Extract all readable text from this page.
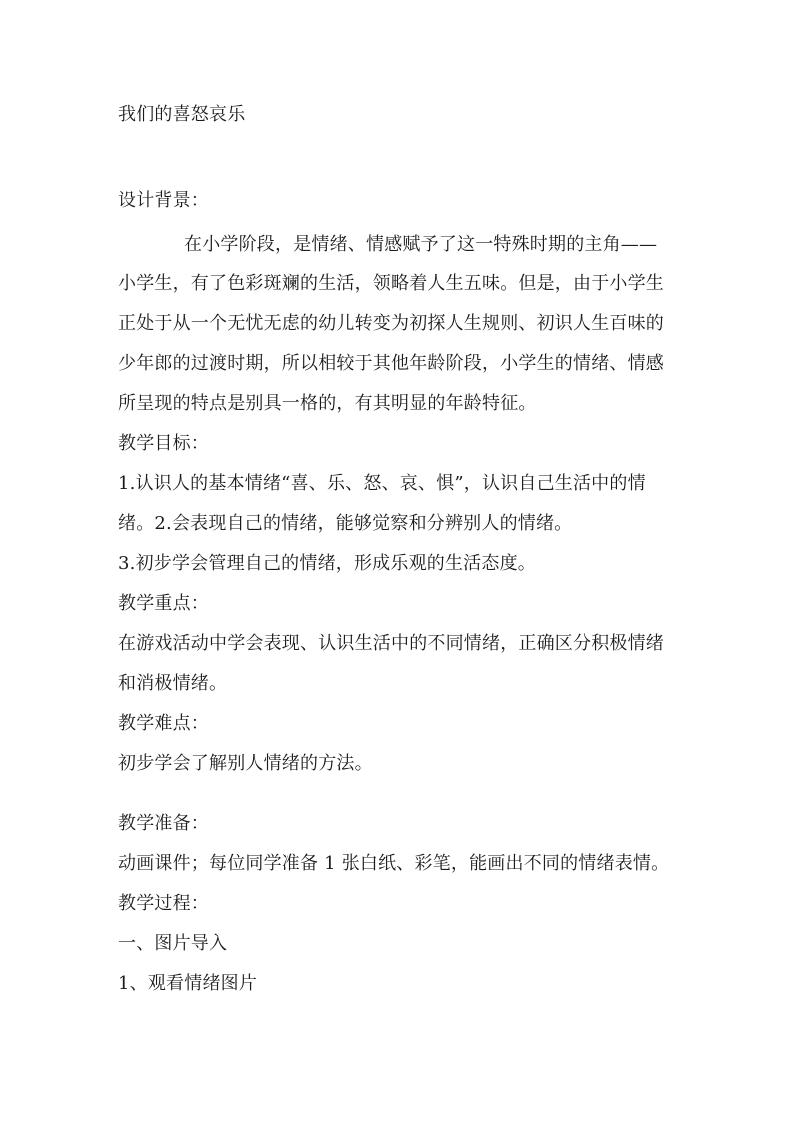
我们的喜怒哀乐
设计背景：
在小学阶段，是情绪、情感赋予了这一特殊时期的主角——
小学生，有了色彩斑斓的生活，领略着人生五味。但是，由于小学生
正处于从一个无忧无虑的幼儿转变为初探人生规则、初识人生百味的
少年郎的过渡时期，所以相较于其他年龄阶段，小学生的情绪、情感
所呈现的特点是别具一格的，有其明显的年龄特征。
教学目标：
1.认识人的基本情绪“喜、乐、怒、哀、惧”，认识自己生活中的情
绪。2.会表现自己的情绪，能够觉察和分辨别人的情绪。
3.初步学会管理自己的情绪，形成乐观的生活态度。
教学重点：
在游戏活动中学会表现、认识生活中的不同情绪，正确区分积极情绪
和消极情绪。
教学难点：
初步学会了解别人情绪的方法。
教学准备：
动画课件；每位同学准备 1 张白纸、彩笔，能画出不同的情绪表情。
教学过程：
一、图片导入
1、观看情绪图片
